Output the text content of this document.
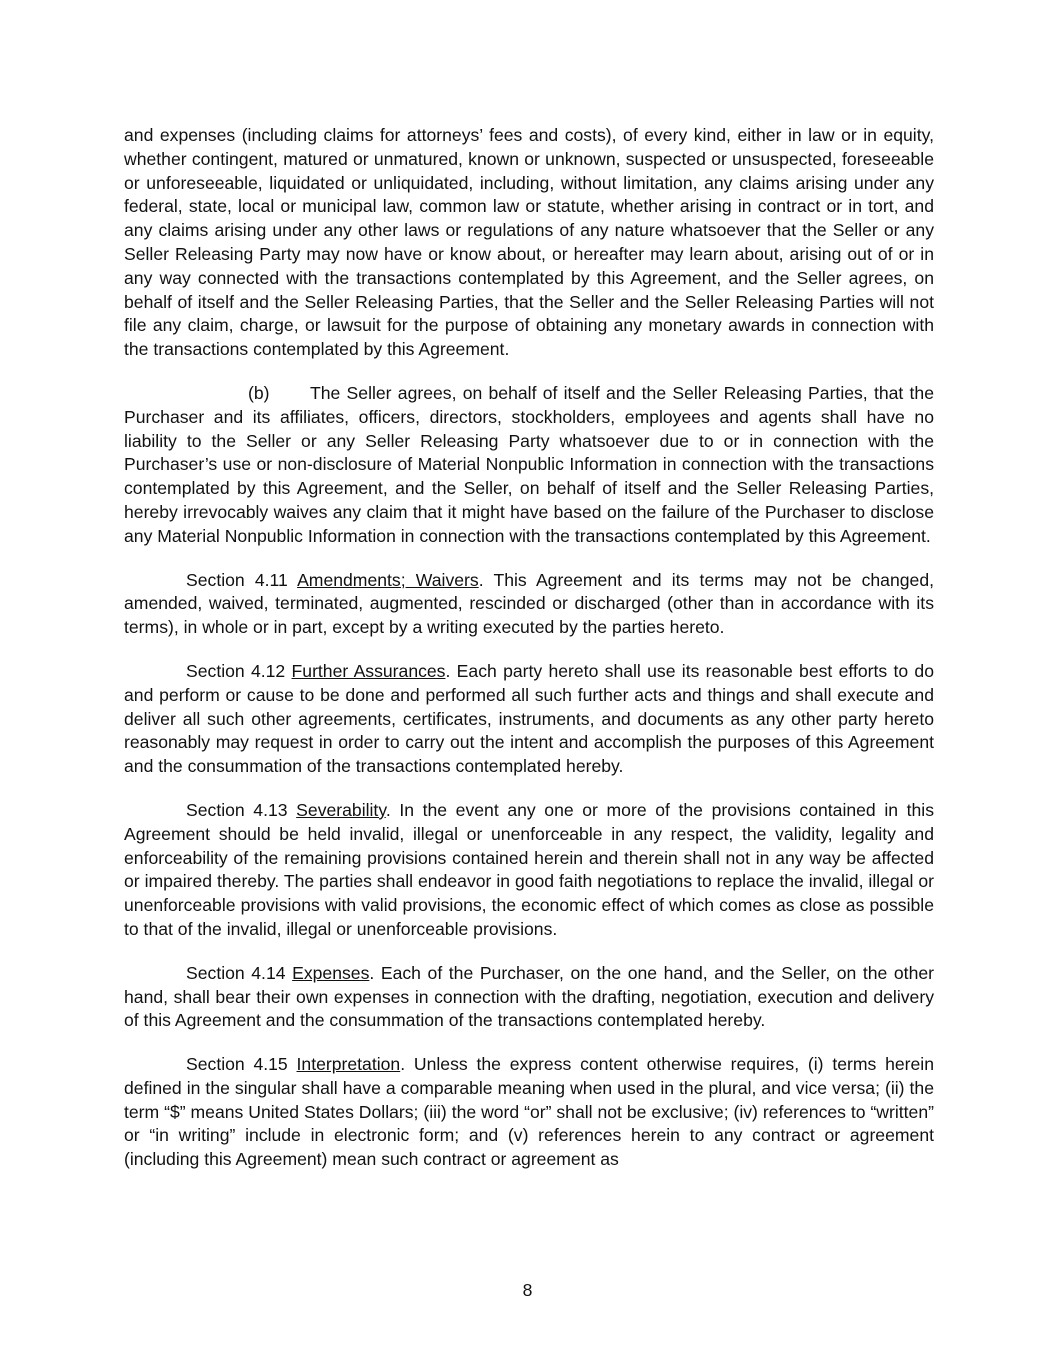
and expenses (including claims for attorneys’ fees and costs), of every kind, either in law or in equity, whether contingent, matured or unmatured, known or unknown, suspected or unsuspected, foreseeable or unforeseeable, liquidated or unliquidated, including, without limitation, any claims arising under any federal, state, local or municipal law, common law or statute, whether arising in contract or in tort, and any claims arising under any other laws or regulations of any nature whatsoever that the Seller or any Seller Releasing Party may now have or know about, or hereafter may learn about, arising out of or in any way connected with the transactions contemplated by this Agreement, and the Seller agrees, on behalf of itself and the Seller Releasing Parties, that the Seller and the Seller Releasing Parties will not file any claim, charge, or lawsuit for the purpose of obtaining any monetary awards in connection with the transactions contemplated by this Agreement.

(b) The Seller agrees, on behalf of itself and the Seller Releasing Parties, that the Purchaser and its affiliates, officers, directors, stockholders, employees and agents shall have no liability to the Seller or any Seller Releasing Party whatsoever due to or in connection with the Purchaser’s use or non-disclosure of Material Nonpublic Information in connection with the transactions contemplated by this Agreement, and the Seller, on behalf of itself and the Seller Releasing Parties, hereby irrevocably waives any claim that it might have based on the failure of the Purchaser to disclose any Material Nonpublic Information in connection with the transactions contemplated by this Agreement.

Section 4.11 Amendments; Waivers. This Agreement and its terms may not be changed, amended, waived, terminated, augmented, rescinded or discharged (other than in accordance with its terms), in whole or in part, except by a writing executed by the parties hereto.

Section 4.12 Further Assurances. Each party hereto shall use its reasonable best efforts to do and perform or cause to be done and performed all such further acts and things and shall execute and deliver all such other agreements, certificates, instruments, and documents as any other party hereto reasonably may request in order to carry out the intent and accomplish the purposes of this Agreement and the consummation of the transactions contemplated hereby.

Section 4.13 Severability. In the event any one or more of the provisions contained in this Agreement should be held invalid, illegal or unenforceable in any respect, the validity, legality and enforceability of the remaining provisions contained herein and therein shall not in any way be affected or impaired thereby. The parties shall endeavor in good faith negotiations to replace the invalid, illegal or unenforceable provisions with valid provisions, the economic effect of which comes as close as possible to that of the invalid, illegal or unenforceable provisions.

Section 4.14 Expenses. Each of the Purchaser, on the one hand, and the Seller, on the other hand, shall bear their own expenses in connection with the drafting, negotiation, execution and delivery of this Agreement and the consummation of the transactions contemplated hereby.

Section 4.15 Interpretation. Unless the express content otherwise requires, (i) terms herein defined in the singular shall have a comparable meaning when used in the plural, and vice versa; (ii) the term “$” means United States Dollars; (iii) the word “or” shall not be exclusive; (iv) references to “written” or “in writing” include in electronic form; and (v) references herein to any contract or agreement (including this Agreement) mean such contract or agreement as

8
